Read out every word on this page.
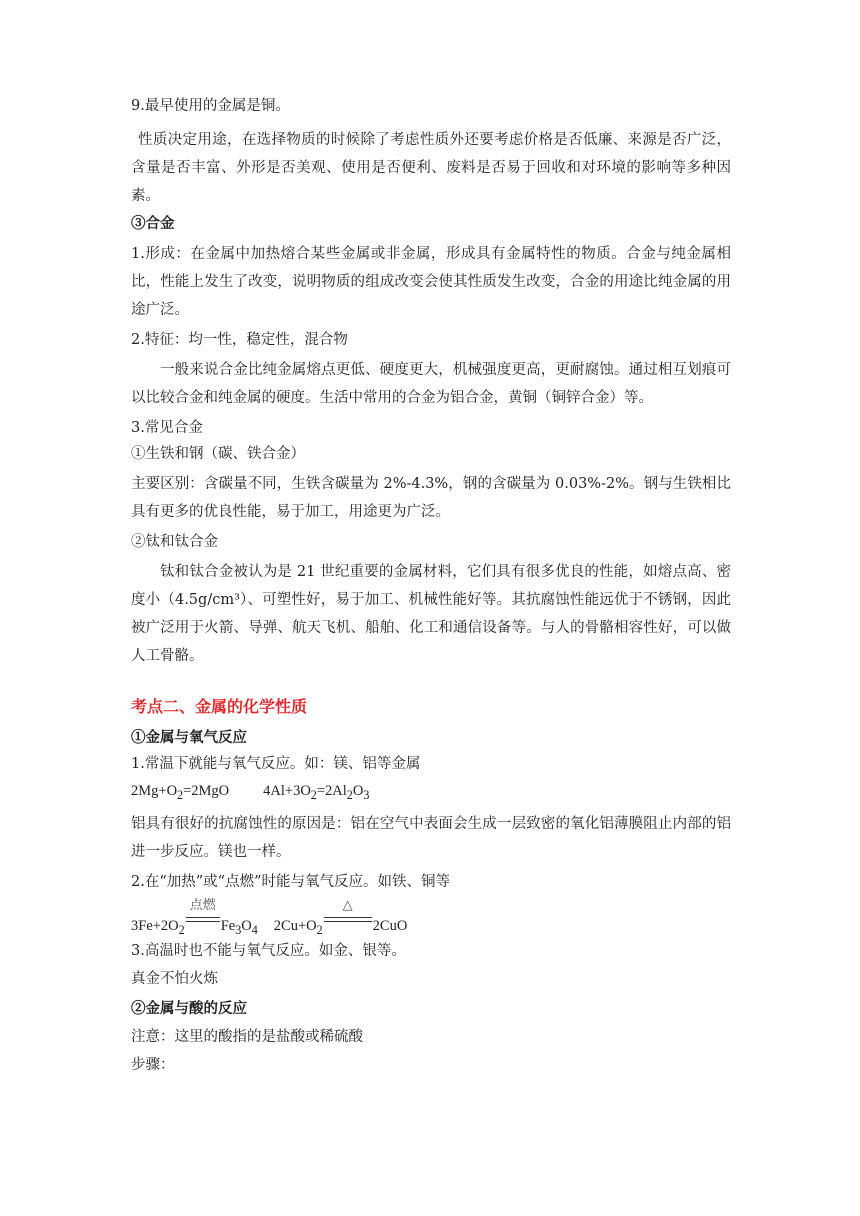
9.最早使用的金属是铜。
性质决定用途，在选择物质的时候除了考虑性质外还要考虑价格是否低廉、来源是否广泛，含量是否丰富、外形是否美观、使用是否便利、废料是否易于回收和对环境的影响等多种因素。
③合金
1.形成：在金属中加热熔合某些金属或非金属，形成具有金属特性的物质。合金与纯金属相比，性能上发生了改变，说明物质的组成改变会使其性质发生改变，合金的用途比纯金属的用途广泛。
2.特征：均一性，稳定性，混合物
一般来说合金比纯金属熔点更低、硬度更大，机械强度更高，更耐腐蚀。通过相互划痕可以比较合金和纯金属的硬度。生活中常用的合金为铝合金，黄铜（铜锌合金）等。
3.常见合金
①生铁和钢（碳、铁合金）
主要区别：含碳量不同，生铁含碳量为 2%-4.3%，钢的含碳量为 0.03%-2%。钢与生铁相比具有更多的优良性能，易于加工，用途更为广泛。
②钛和钛合金
钛和钛合金被认为是 21 世纪重要的金属材料，它们具有很多优良的性能，如熔点高、密度小（4.5g/cm³）、可塑性好，易于加工、机械性能好等。其抗腐蚀性能远优于不锈钢，因此被广泛用于火箭、导弹、航天飞机、船舶、化工和通信设备等。与人的骨骼相容性好，可以做人工骨骼。
考点二、金属的化学性质
①金属与氧气反应
1.常温下就能与氧气反应。如：镁、铝等金属
$2Mg+O_2=2MgO$ $4Al+3O_2=2Al_2O_3$
铝具有很好的抗腐蚀性的原因是：铝在空气中表面会生成一层致密的氧化铝薄膜阻止内部的铝进一步反应。镁也一样。
2.在“加热”或“点燃”时能与氧气反应。如铁、铜等
$3Fe+2O_2$
点燃
$Fe_3O_4$ $2Cu+O_2$
△
2CuO
3.高温时也不能与氧气反应。如金、银等。
真金不怕火炼
②金属与酸的反应
注意：这里的酸指的是盐酸或稀硫酸
步骤：
